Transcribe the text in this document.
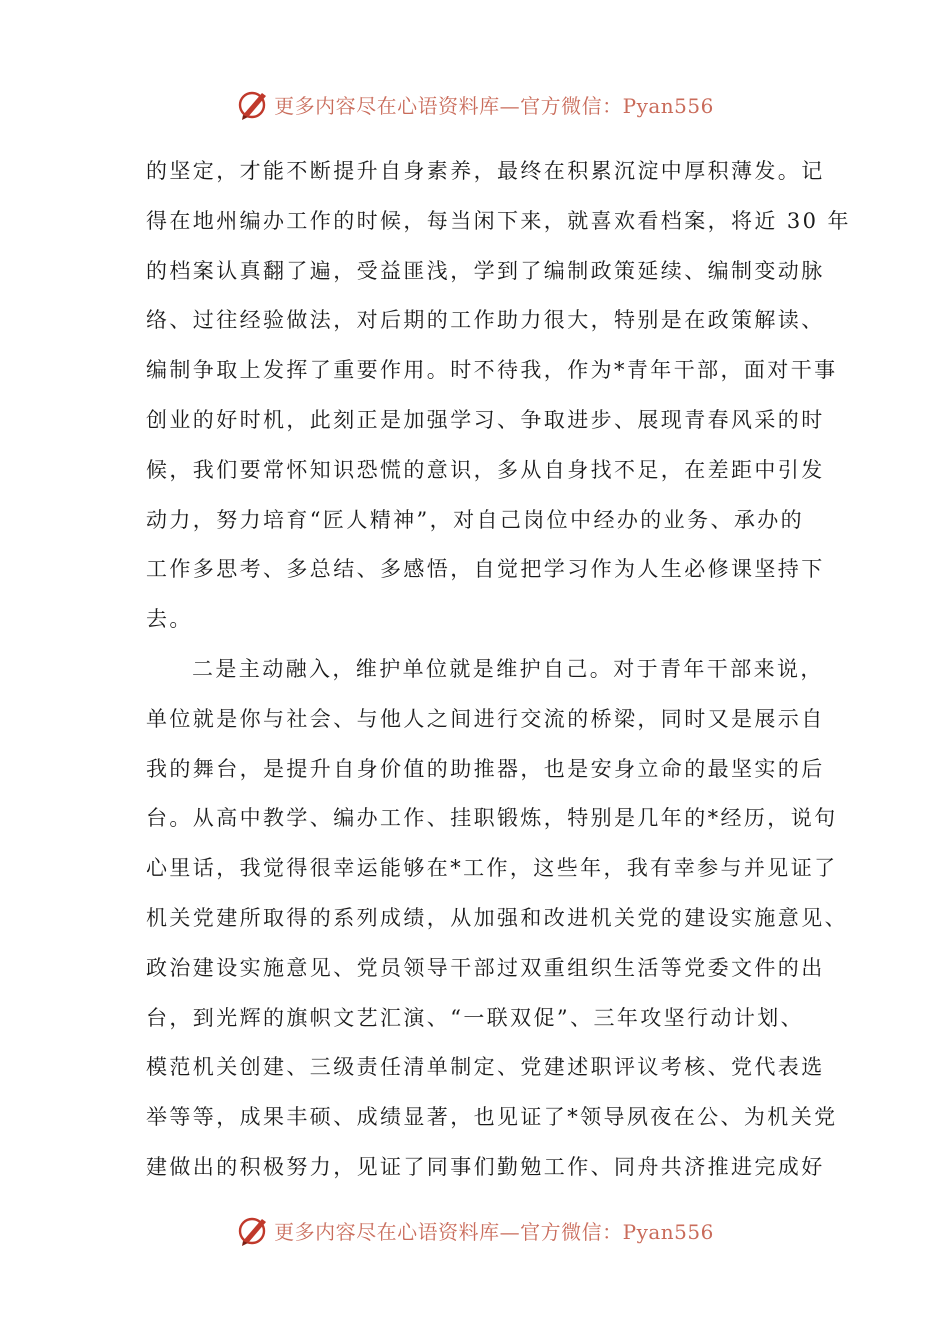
更多内容尽在心语资料库—官方微信：Pyan556
的坚定，才能不断提升自身素养，最终在积累沉淀中厚积薄发。记
得在地州编办工作的时候，每当闲下来，就喜欢看档案，将近 30 年
的档案认真翻了遍，受益匪浅，学到了编制政策延续、编制变动脉
络、过往经验做法，对后期的工作助力很大，特别是在政策解读、
编制争取上发挥了重要作用。时不待我，作为*青年干部，面对干事
创业的好时机，此刻正是加强学习、争取进步、展现青春风采的时
候，我们要常怀知识恐慌的意识，多从自身找不足，在差距中引发
动力，努力培育“匠人精神”，对自己岗位中经办的业务、承办的
工作多思考、多总结、多感悟，自觉把学习作为人生必修课坚持下
去。
二是主动融入，维护单位就是维护自己。对于青年干部来说，
单位就是你与社会、与他人之间进行交流的桥梁，同时又是展示自
我的舞台，是提升自身价值的助推器，也是安身立命的最坚实的后
台。从高中教学、编办工作、挂职锻炼，特别是几年的*经历，说句
心里话，我觉得很幸运能够在*工作，这些年，我有幸参与并见证了
机关党建所取得的系列成绩，从加强和改进机关党的建设实施意见、
政治建设实施意见、党员领导干部过双重组织生活等党委文件的出
台，到光辉的旗帜文艺汇演、“一联双促”、三年攻坚行动计划、
模范机关创建、三级责任清单制定、党建述职评议考核、党代表选
举等等，成果丰硕、成绩显著，也见证了*领导夙夜在公、为机关党
建做出的积极努力，见证了同事们勤勉工作、同舟共济推进完成好
更多内容尽在心语资料库—官方微信：Pyan556
